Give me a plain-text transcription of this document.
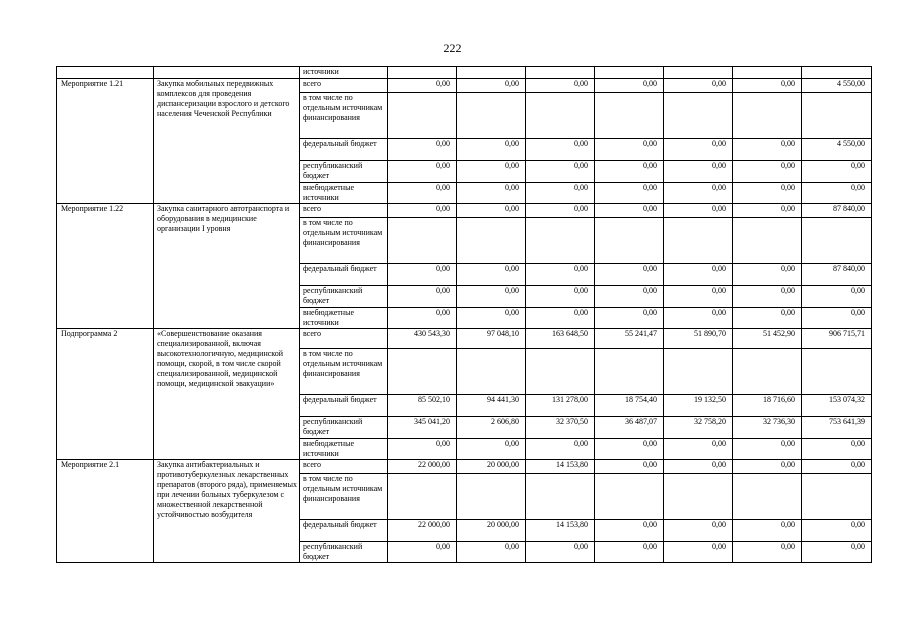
222
		источники							
Мероприятие 1.21	Закупка мобильных передвижных комплексов для проведения диспансеризации взрослого и детского населения Чеченской Республики	всего	0,00	0,00	0,00	0,00	0,00	0,00	4 550,00
		в том числе по отдельным источникам финансирования							
		федеральный бюджет	0,00	0,00	0,00	0,00	0,00	0,00	4 550,00
		республиканский бюджет	0,00	0,00	0,00	0,00	0,00	0,00	0,00
		внебюджетные источники	0,00	0,00	0,00	0,00	0,00	0,00	0,00
Мероприятие 1.22	Закупка санитарного автотранспорта и оборудования в медицинские организации I уровня	всего	0,00	0,00	0,00	0,00	0,00	0,00	87 840,00
		в том числе по отдельным источникам финансирования							
		федеральный бюджет	0,00	0,00	0,00	0,00	0,00	0,00	87 840,00
		республиканский бюджет	0,00	0,00	0,00	0,00	0,00	0,00	0,00
		внебюджетные источники	0,00	0,00	0,00	0,00	0,00	0,00	0,00
Подпрограмма 2	«Совершенствование оказания специализированной, включая высокотехнологичную, медицинской помощи, скорой, в том числе скорой специализированной, медицинской помощи, медицинской эвакуации»	всего	430 543,30	97 048,10	163 648,50	55 241,47	51 890,70	51 452,90	906 715,71
		в том числе по отдельным источникам финансирования							
		федеральный бюджет	85 502,10	94 441,30	131 278,00	18 754,40	19 132,50	18 716,60	153 074,32
		республиканский бюджет	345 041,20	2 606,80	32 370,50	36 487,07	32 758,20	32 736,30	753 641,39
		внебюджетные источники	0,00	0,00	0,00	0,00	0,00	0,00	0,00
Мероприятие 2.1	Закупка антибактериальных и противотуберкулезных лекарственных препаратов (второго ряда), применяемых при лечении больных туберкулезом с множественной лекарственной устойчивостью возбудителя	всего	22 000,00	20 000,00	14 153,80	0,00	0,00	0,00	0,00
		в том числе по отдельным источникам финансирования							
		федеральный бюджет	22 000,00	20 000,00	14 153,80	0,00	0,00	0,00	0,00
		республиканский бюджет	0,00	0,00	0,00	0,00	0,00	0,00	0,00
